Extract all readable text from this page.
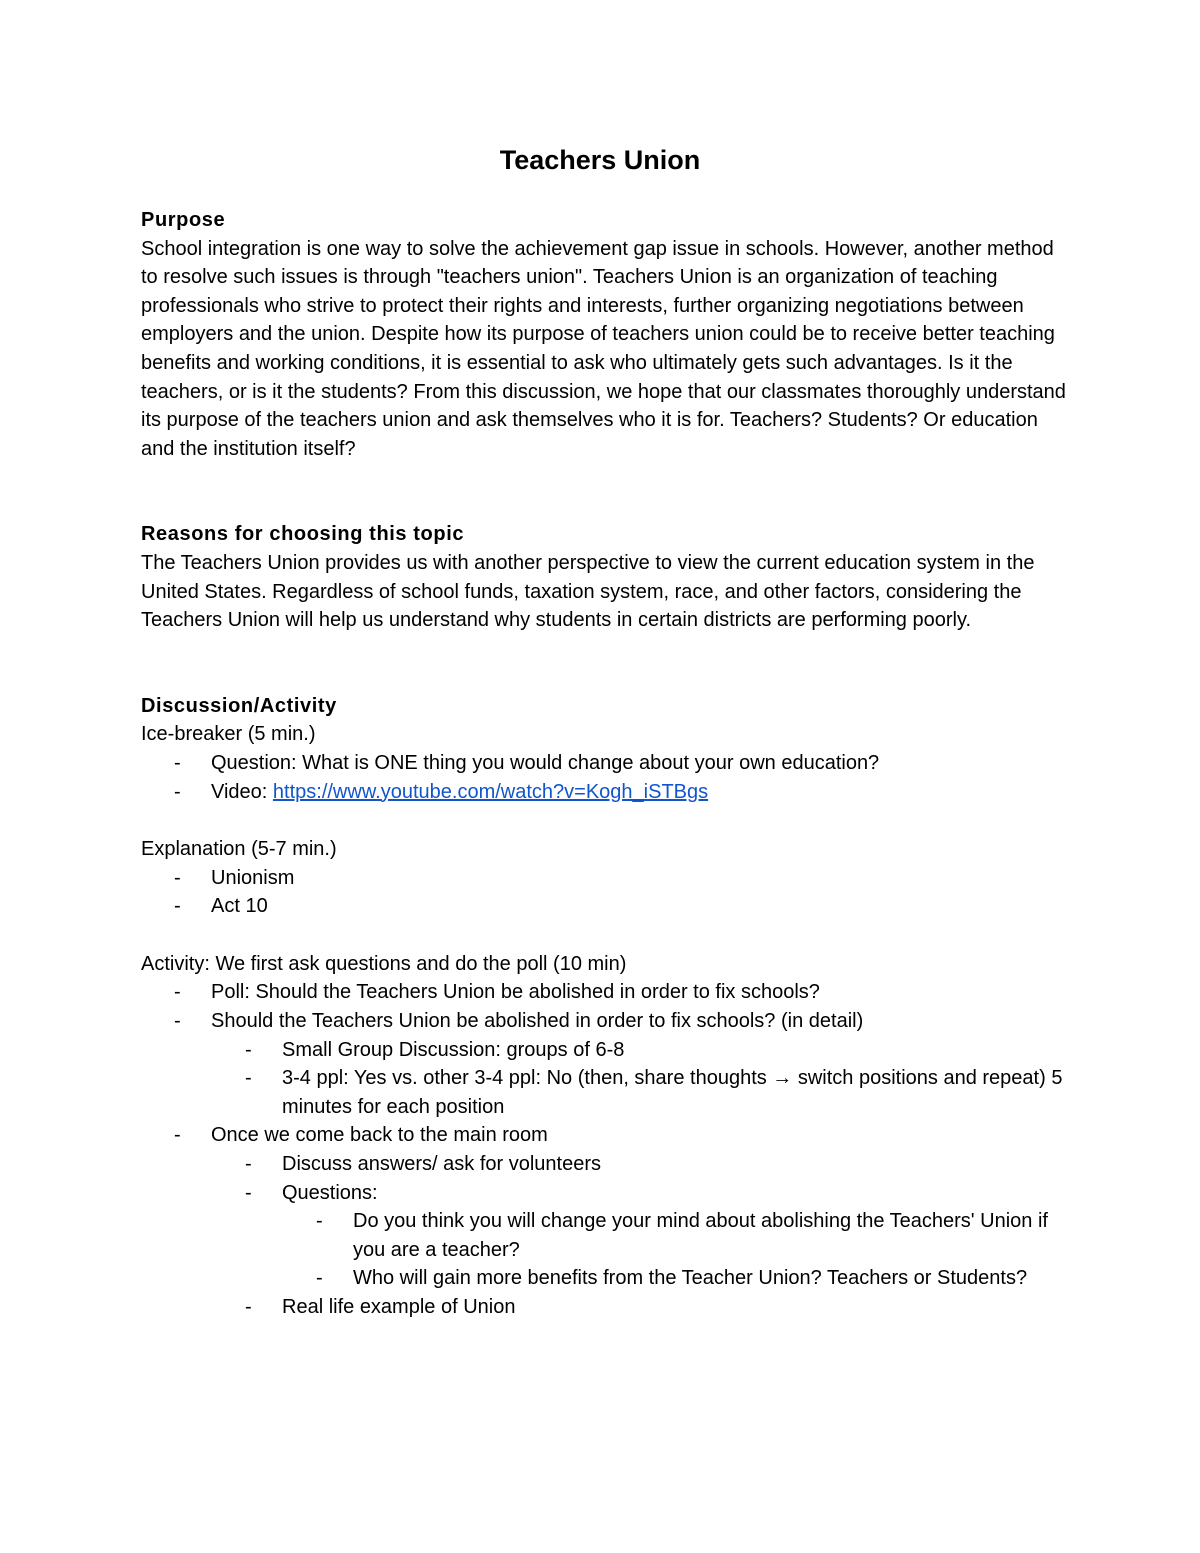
Teachers Union

Purpose

School integration is one way to solve the achievement gap issue in schools. However, another method to resolve such issues is through "teachers union". Teachers Union is an organization of teaching professionals who strive to protect their rights and interests, further organizing negotiations between employers and the union. Despite how its purpose of teachers union could be to receive better teaching benefits and working conditions, it is essential to ask who ultimately gets such advantages. Is it the teachers, or is it the students? From this discussion, we hope that our classmates thoroughly understand its purpose of the teachers union and ask themselves who it is for. Teachers? Students? Or education and the institution itself?

Reasons for choosing this topic

The Teachers Union provides us with another perspective to view the current education system in the United States. Regardless of school funds, taxation system, race, and other factors, considering the Teachers Union will help us understand why students in certain districts are performing poorly.

Discussion/Activity

Ice-breaker (5 min.)

- Question: What is ONE thing you would change about your own education?
- Video: https://www.youtube.com/watch?v=Kogh_iSTBgs

Explanation (5-7 min.)

- Unionism
- Act 10

Activity: We first ask questions and do the poll (10 min)

- Poll: Should the Teachers Union be abolished in order to fix schools?
- Should the Teachers Union be abolished in order to fix schools? (in detail)
- Small Group Discussion: groups of 6-8
- 3-4 ppl: Yes vs. other 3-4 ppl: No (then, share thoughts → switch positions and repeat) 5 minutes for each position
- Once we come back to the main room
- Discuss answers/ ask for volunteers
- Questions:
- Do you think you will change your mind about abolishing the Teachers' Union if you are a teacher?
- Who will gain more benefits from the Teacher Union? Teachers or Students?
- Real life example of Union
